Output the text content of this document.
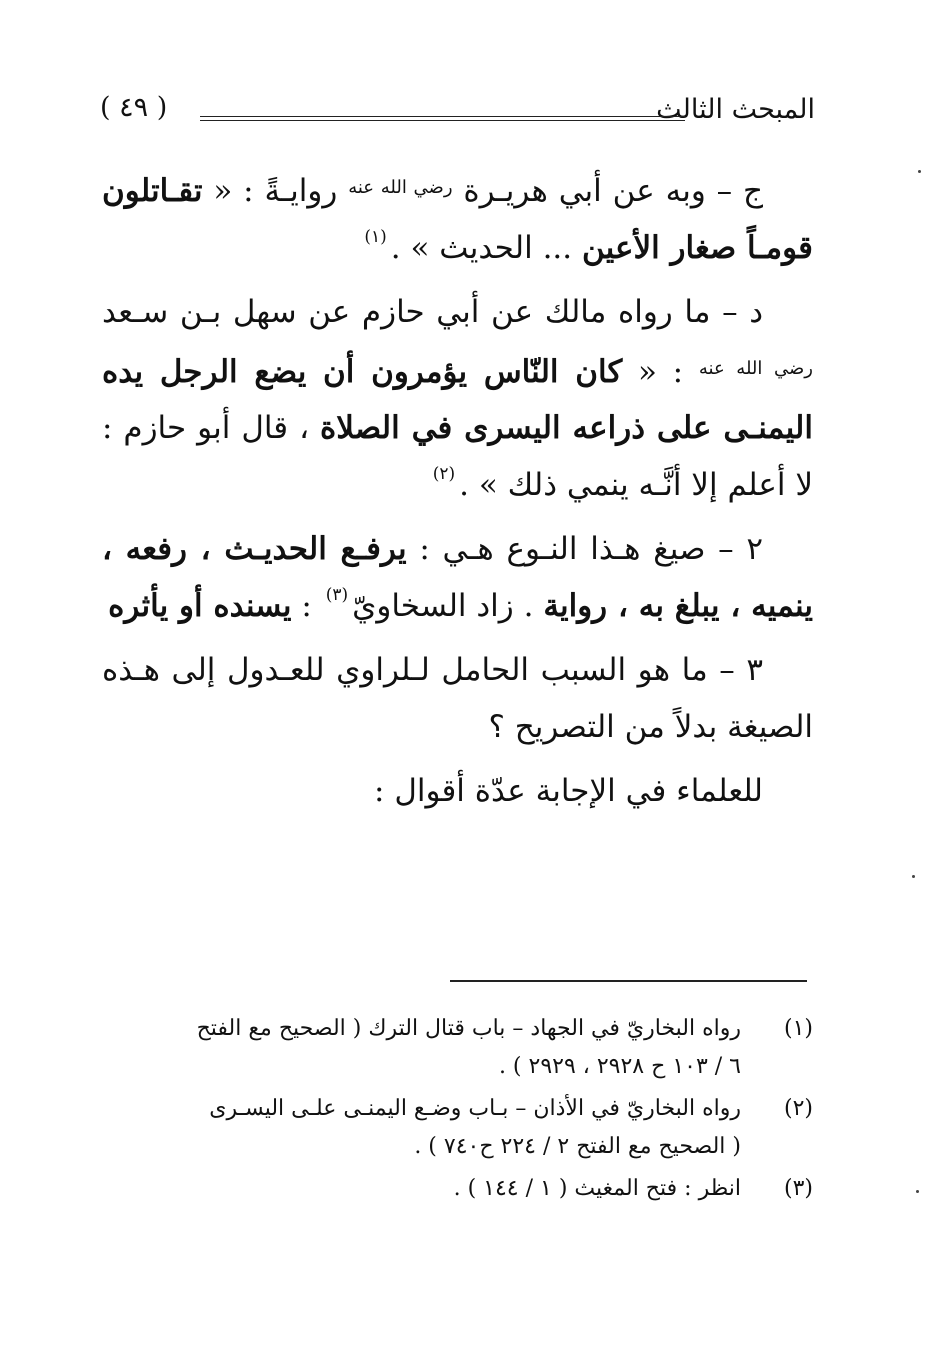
المبحث الثالث
( ٤٩ )

ج – وبه عن أبي هريـرة $^{رضي الله عنه}$ روايـةً : « تقـاتلون قومـاً صغار الأعين ... الحديث » .$^{(١)}$

د – ما رواه مالك عن أبي حازم عن سهل بـن سـعد $^{رضي الله عنه}$ : « كان النّاس يؤمرون أن يضع الرجل يده اليمنـى على ذراعه اليسرى في الصلاة ، قال أبو حازم : لا أعلم إلا أنَّـه ينمي ذلك » .$^{(٢)}$

٢ – صيغ هـذا النـوع هـي : يرفـع الحديـث ، رفعه ، ينميه ، يبلغ به ، رواية . زاد السخاويّ$^{(٣)}$ : يسنده أو يأثره

٣ – ما هو السبب الحامل لـلراوي للعـدول إلى هـذه الصيغة بدلاً من التصريح ؟

للعلماء في الإجابة عدّة أقوال :

(١)

رواه البخاريّ في الجهاد – باب قتال الترك ( الصحيح مع الفتح

٦ / ١٠٣ ح ٢٩٢٨ ، ٢٩٢٩ ) .

(٢)

رواه البخاريّ في الأذان – بـاب وضـع اليمنـى علـى اليسـرى

( الصحيح مع الفتح ٢ / ٢٢٤ ح٧٤٠ ) .

(٣)

انظر : فتح المغيث ( ١ / ١٤٤ ) .
